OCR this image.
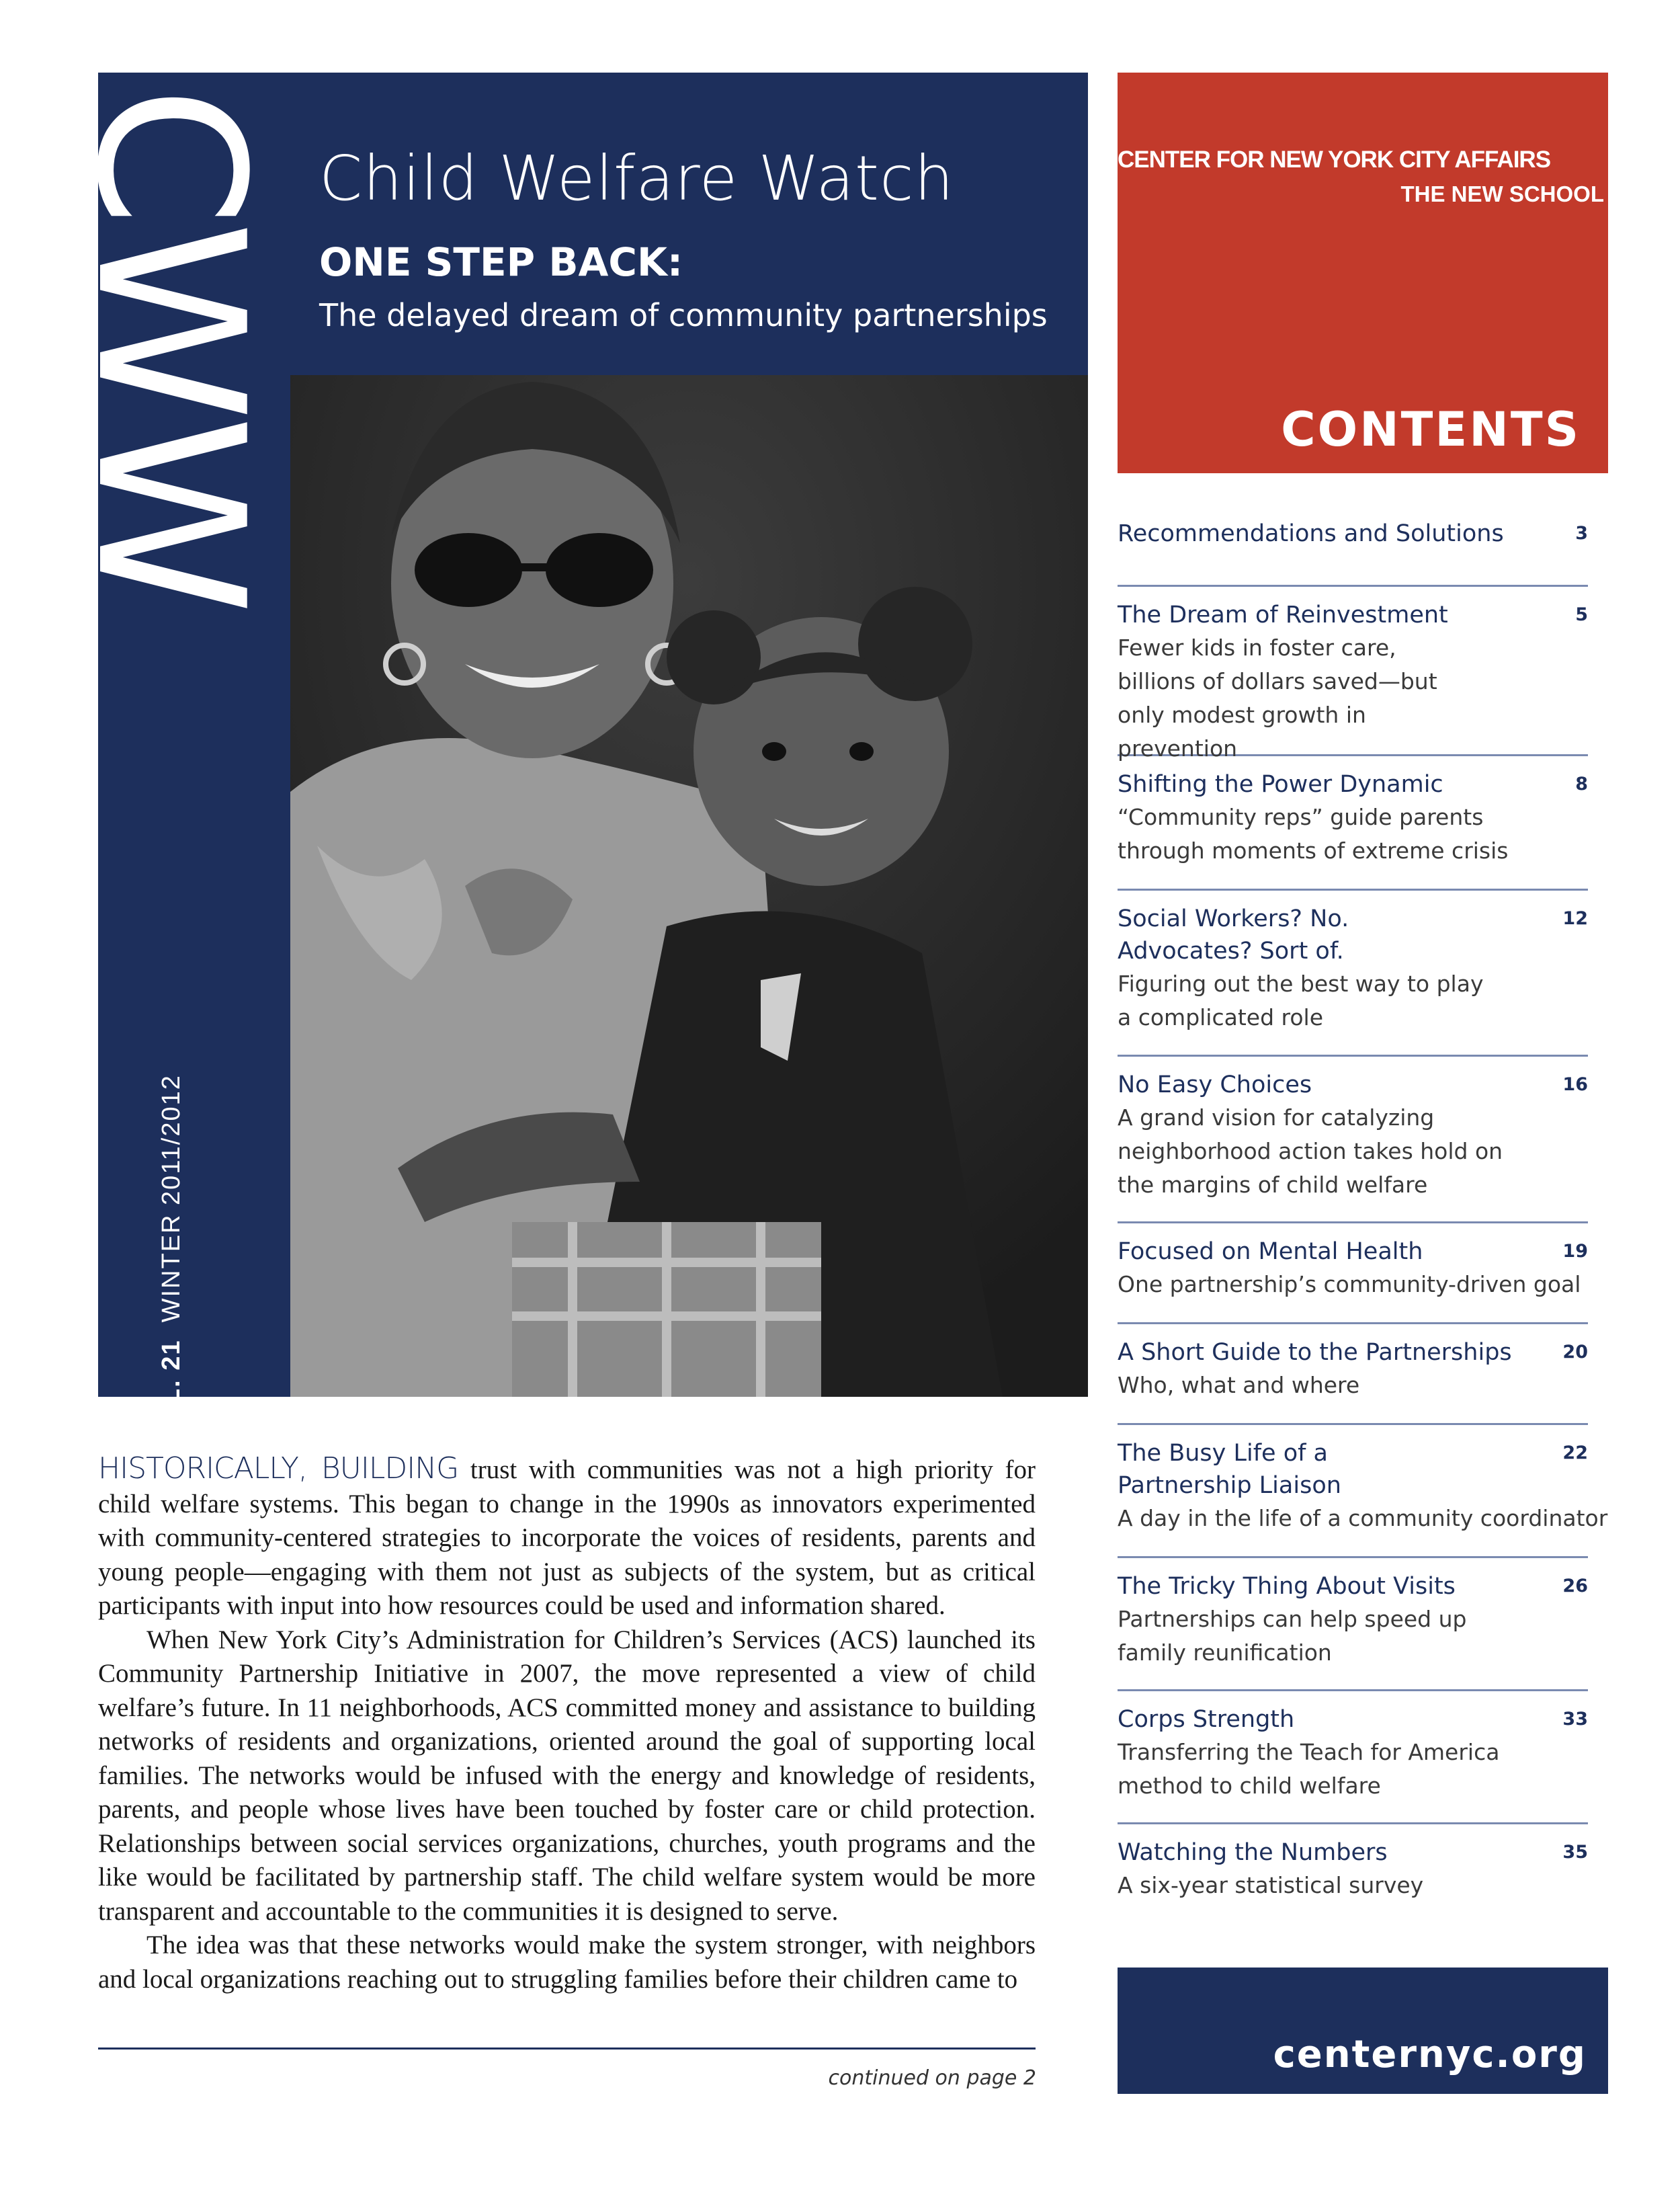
CWW
VOL. 21  WINTER 2011/2012
Child Welfare Watch
ONE STEP BACK:
The delayed dream of community partnerships
CENTER FOR NEW YORK CITY AFFAIRS
THE NEW SCHOOL
CONTENTS
Recommendations and Solutions	3
The Dream of Reinvestment
Fewer kids in foster care, billions of dollars saved—but only modest growth in prevention
5
Shifting the Power Dynamic
“Community reps” guide parents through moments of extreme crisis
8
Social Workers? No. Advocates? Sort of.
Figuring out the best way to play a complicated role
12
No Easy Choices
A grand vision for catalyzing neighborhood action takes hold on the margins of child welfare
16
Focused on Mental Health
One partnership’s community-driven goal
19
A Short Guide to the Partnerships
Who, what and where
20
The Busy Life of a Partnership Liaison
A day in the life of a community coordinator
22
The Tricky Thing About Visits
Partnerships can help speed up family reunification
26
Corps Strength
Transferring the Teach for America method to child welfare
33
Watching the Numbers
A six-year statistical survey
35
centernyc.org

HISTORICALLY, BUILDING trust with communities was not a high priority for child welfare systems. This began to change in the 1990s as innovators experimented with community-centered strategies to incorporate the voices of residents, parents and young people—engaging with them not just as subjects of the system, but as critical participants with input into how resources could be used and information shared.

When New York City’s Administration for Children’s Services (ACS) launched its Community Partnership Initiative in 2007, the move represented a view of child welfare’s future. In 11 neighborhoods, ACS committed money and assistance to building networks of residents and organizations, oriented around the goal of supporting local families. The networks would be infused with the energy and knowledge of residents, parents, and people whose lives have been touched by foster care or child protection. Relationships between social services organizations, churches, youth programs and the like would be facilitated by partnership staff. The child welfare system would be more transparent and accountable to the communities it is designed to serve.

The idea was that these networks would make the system stronger, with neighbors and local organizations reaching out to struggling families before their children came to

continued on page 2
